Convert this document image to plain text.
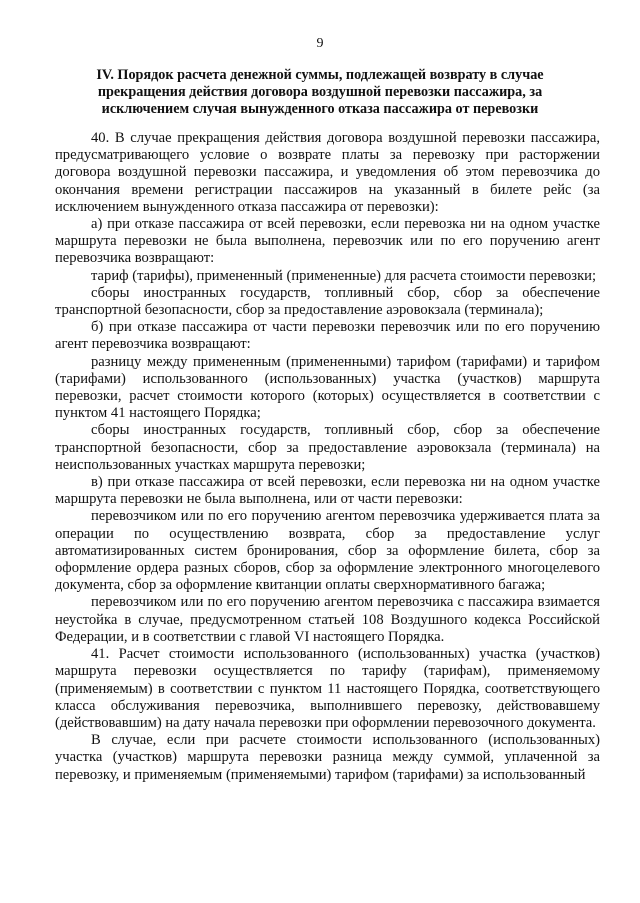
9
IV. Порядок расчета денежной суммы, подлежащей возврату в случае
прекращения действия договора воздушной перевозки пассажира, за
исключением случая вынужденного отказа пассажира от перевозки

40. В случае прекращения действия договора воздушной перевозки пассажира, предусматривающего условие о возврате платы за перевозку при расторжении договора воздушной перевозки пассажира, и уведомления об этом перевозчика до окончания времени регистрации пассажиров на указанный в билете рейс (за исключением вынужденного отказа пассажира от перевозки):

а) при отказе пассажира от всей перевозки, если перевозка ни на одном участке маршрута перевозки не была выполнена, перевозчик или по его поручению агент перевозчика возвращают:

тариф (тарифы), примененный (примененные) для расчета стоимости перевозки;

сборы иностранных государств, топливный сбор, сбор за обеспечение транспортной безопасности, сбор за предоставление аэровокзала (терминала);

б) при отказе пассажира от части перевозки перевозчик или по его поручению агент перевозчика возвращают:

разницу между примененным (примененными) тарифом (тарифами) и тарифом (тарифами) использованного (использованных) участка (участков) маршрута перевозки, расчет стоимости которого (которых) осуществляется в соответствии с пунктом 41 настоящего Порядка;

сборы иностранных государств, топливный сбор, сбор за обеспечение транспортной безопасности, сбор за предоставление аэровокзала (терминала) на неиспользованных участках маршрута перевозки;

в) при отказе пассажира от всей перевозки, если перевозка ни на одном участке маршрута перевозки не была выполнена, или от части перевозки:

перевозчиком или по его поручению агентом перевозчика удерживается плата за операции по осуществлению возврата, сбор за предоставление услуг автоматизированных систем бронирования, сбор за оформление билета, сбор за оформление ордера разных сборов, сбор за оформление электронного многоцелевого документа, сбор за оформление квитанции оплаты сверхнормативного багажа;

перевозчиком или по его поручению агентом перевозчика с пассажира взимается неустойка в случае, предусмотренном статьей 108 Воздушного кодекса Российской Федерации, и в соответствии с главой VI настоящего Порядка.

41. Расчет стоимости использованного (использованных) участка (участков) маршрута перевозки осуществляется по тарифу (тарифам), применяемому (применяемым) в соответствии с пунктом 11 настоящего Порядка, соответствующего класса обслуживания перевозчика, выполнившего перевозку, действовавшему (действовавшим) на дату начала перевозки при оформлении перевозочного документа.

В случае, если при расчете стоимости использованного (использованных) участка (участков) маршрута перевозки разница между суммой, уплаченной за перевозку, и применяемым (применяемыми) тарифом (тарифами) за использованный
